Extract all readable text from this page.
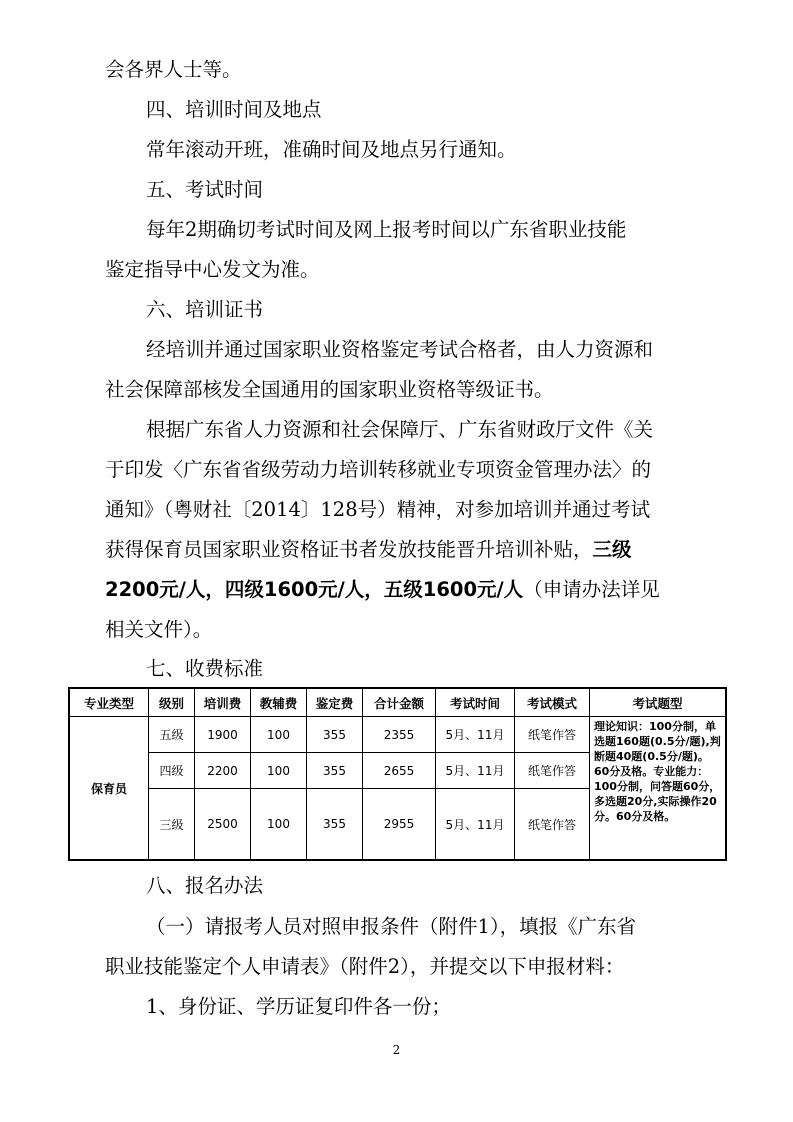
会各界人士等。
四、培训时间及地点
常年滚动开班，准确时间及地点另行通知。
五、考试时间
每年2期确切考试时间及网上报考时间以广东省职业技能
鉴定指导中心发文为准。
六、培训证书
经培训并通过国家职业资格鉴定考试合格者，由人力资源和
社会保障部核发全国通用的国家职业资格等级证书。
根据广东省人力资源和社会保障厅、广东省财政厅文件《关
于印发〈广东省省级劳动力培训转移就业专项资金管理办法〉的
通知》（粤财社〔2014〕128号）精神，对参加培训并通过考试
获得保育员国家职业资格证书者发放技能晋升培训补贴，三级
2200元/人，四级1600元/人，五级1600元/人（申请办法详见
相关文件）。
七、收费标准
专业类型	级别	培训费	教辅费	鉴定费	合计金额	考试时间	考试模式	考试题型
保育员	五级	1900	100	355	2355	5月、11月	纸笔作答	理论知识：100分制，单选题160题(0.5分/题),判断题40题(0.5分/题)。60分及格。专业能力：100分制，问答题60分，多选题20分,实际操作20分。60分及格。
	四级	2200	100	355	2655	5月、11月	纸笔作答	
	三级	2500	100	355	2955	5月、11月	纸笔作答	
八、报名办法
（一）请报考人员对照申报条件（附件1），填报《广东省
职业技能鉴定个人申请表》（附件2），并提交以下申报材料：
1、身份证、学历证复印件各一份；
2
